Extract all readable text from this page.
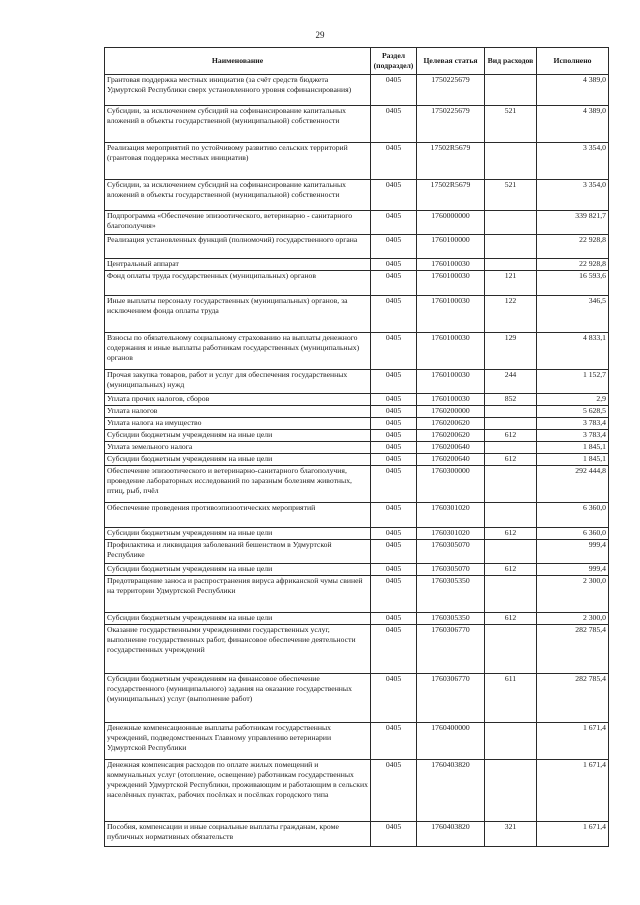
29
Наименование	Раздел (подраздел)	Целевая статья	Вид расходов	Исполнено
Грантовая поддержка местных инициатив (за счёт средств бюджета Удмуртской Республики сверх установленного уровня софинансирования)	0405	1750225679		4 389,0
Субсидии, за исключением субсидий на софинансирование капитальных вложений в объекты государственной (муниципальной) собственности	0405	1750225679	521	4 389,0
Реализация мероприятий по устойчивому развитию сельских территорий (грантовая поддержка местных инициатив)	0405	17502R5679		3 354,0
Субсидии, за исключением субсидий на софинансирование капитальных вложений в объекты государственной (муниципальной) собственности	0405	17502R5679	521	3 354,0
Подпрограмма «Обеспечение эпизоотического, ветеринарно - санитарного благополучия»	0405	1760000000		339 821,7
Реализация установленных функций (полномочий) государственного органа	0405	1760100000		22 928,8
Центральный аппарат	0405	1760100030		22 928,8
Фонд оплаты труда государственных (муниципальных) органов	0405	1760100030	121	16 593,6
Иные выплаты персоналу государственных (муниципальных) органов, за исключением фонда оплаты труда	0405	1760100030	122	346,5
Взносы по обязательному социальному страхованию на выплаты денежного содержания и иные выплаты работникам государственных (муниципальных) органов	0405	1760100030	129	4 833,1
Прочая закупка товаров, работ и услуг для обеспечения государственных (муниципальных) нужд	0405	1760100030	244	1 152,7
Уплата прочих налогов, сборов	0405	1760100030	852	2,9
Уплата налогов	0405	1760200000		5 628,5
Уплата налога на имущество	0405	1760200620		3 783,4
Субсидии бюджетным учреждениям на иные цели	0405	1760200620	612	3 783,4
Уплата земельного налога	0405	1760200640		1 845,1
Субсидии бюджетным учреждениям на иные цели	0405	1760200640	612	1 845,1
Обеспечение эпизоотического и ветеринарно-санитарного благополучия, проведение лабораторных исследований по заразным болезням животных, птиц, рыб, пчёл	0405	1760300000		292 444,8
Обеспечение проведения противоэпизоотических мероприятий	0405	1760301020		6 360,0
Субсидии бюджетным учреждениям на иные цели	0405	1760301020	612	6 360,0
Профилактика и ликвидация заболеваний бешенством в Удмуртской Республике	0405	1760305070		999,4
Субсидии бюджетным учреждениям на иные цели	0405	1760305070	612	999,4
Предотвращение заноса и распространения вируса африканской чумы свиней на территории Удмуртской Республики	0405	1760305350		2 300,0
Субсидии бюджетным учреждениям на иные цели	0405	1760305350	612	2 300,0
Оказание государственными учреждениями государственных услуг, выполнение государственных работ, финансовое обеспечение деятельности государственных учреждений	0405	1760306770		282 785,4
Субсидии бюджетным учреждениям на финансовое обеспечение государственного (муниципального) задания на оказание государственных (муниципальных) услуг (выполнение работ)	0405	1760306770	611	282 785,4
Денежные компенсационные выплаты работникам государственных учреждений, подведомственных Главному управлению ветеринарии Удмуртской Республики	0405	1760400000		1 671,4
Денежная компенсация расходов по оплате жилых помещений и коммунальных услуг (отопление, освещение) работникам государственных учреждений Удмуртской Республики, проживающим и работающим в сельских населённых пунктах, рабочих посёлках и посёлках городского типа	0405	1760403820		1 671,4
Пособия, компенсации и иные социальные выплаты гражданам, кроме публичных нормативных обязательств	0405	1760403820	321	1 671,4
